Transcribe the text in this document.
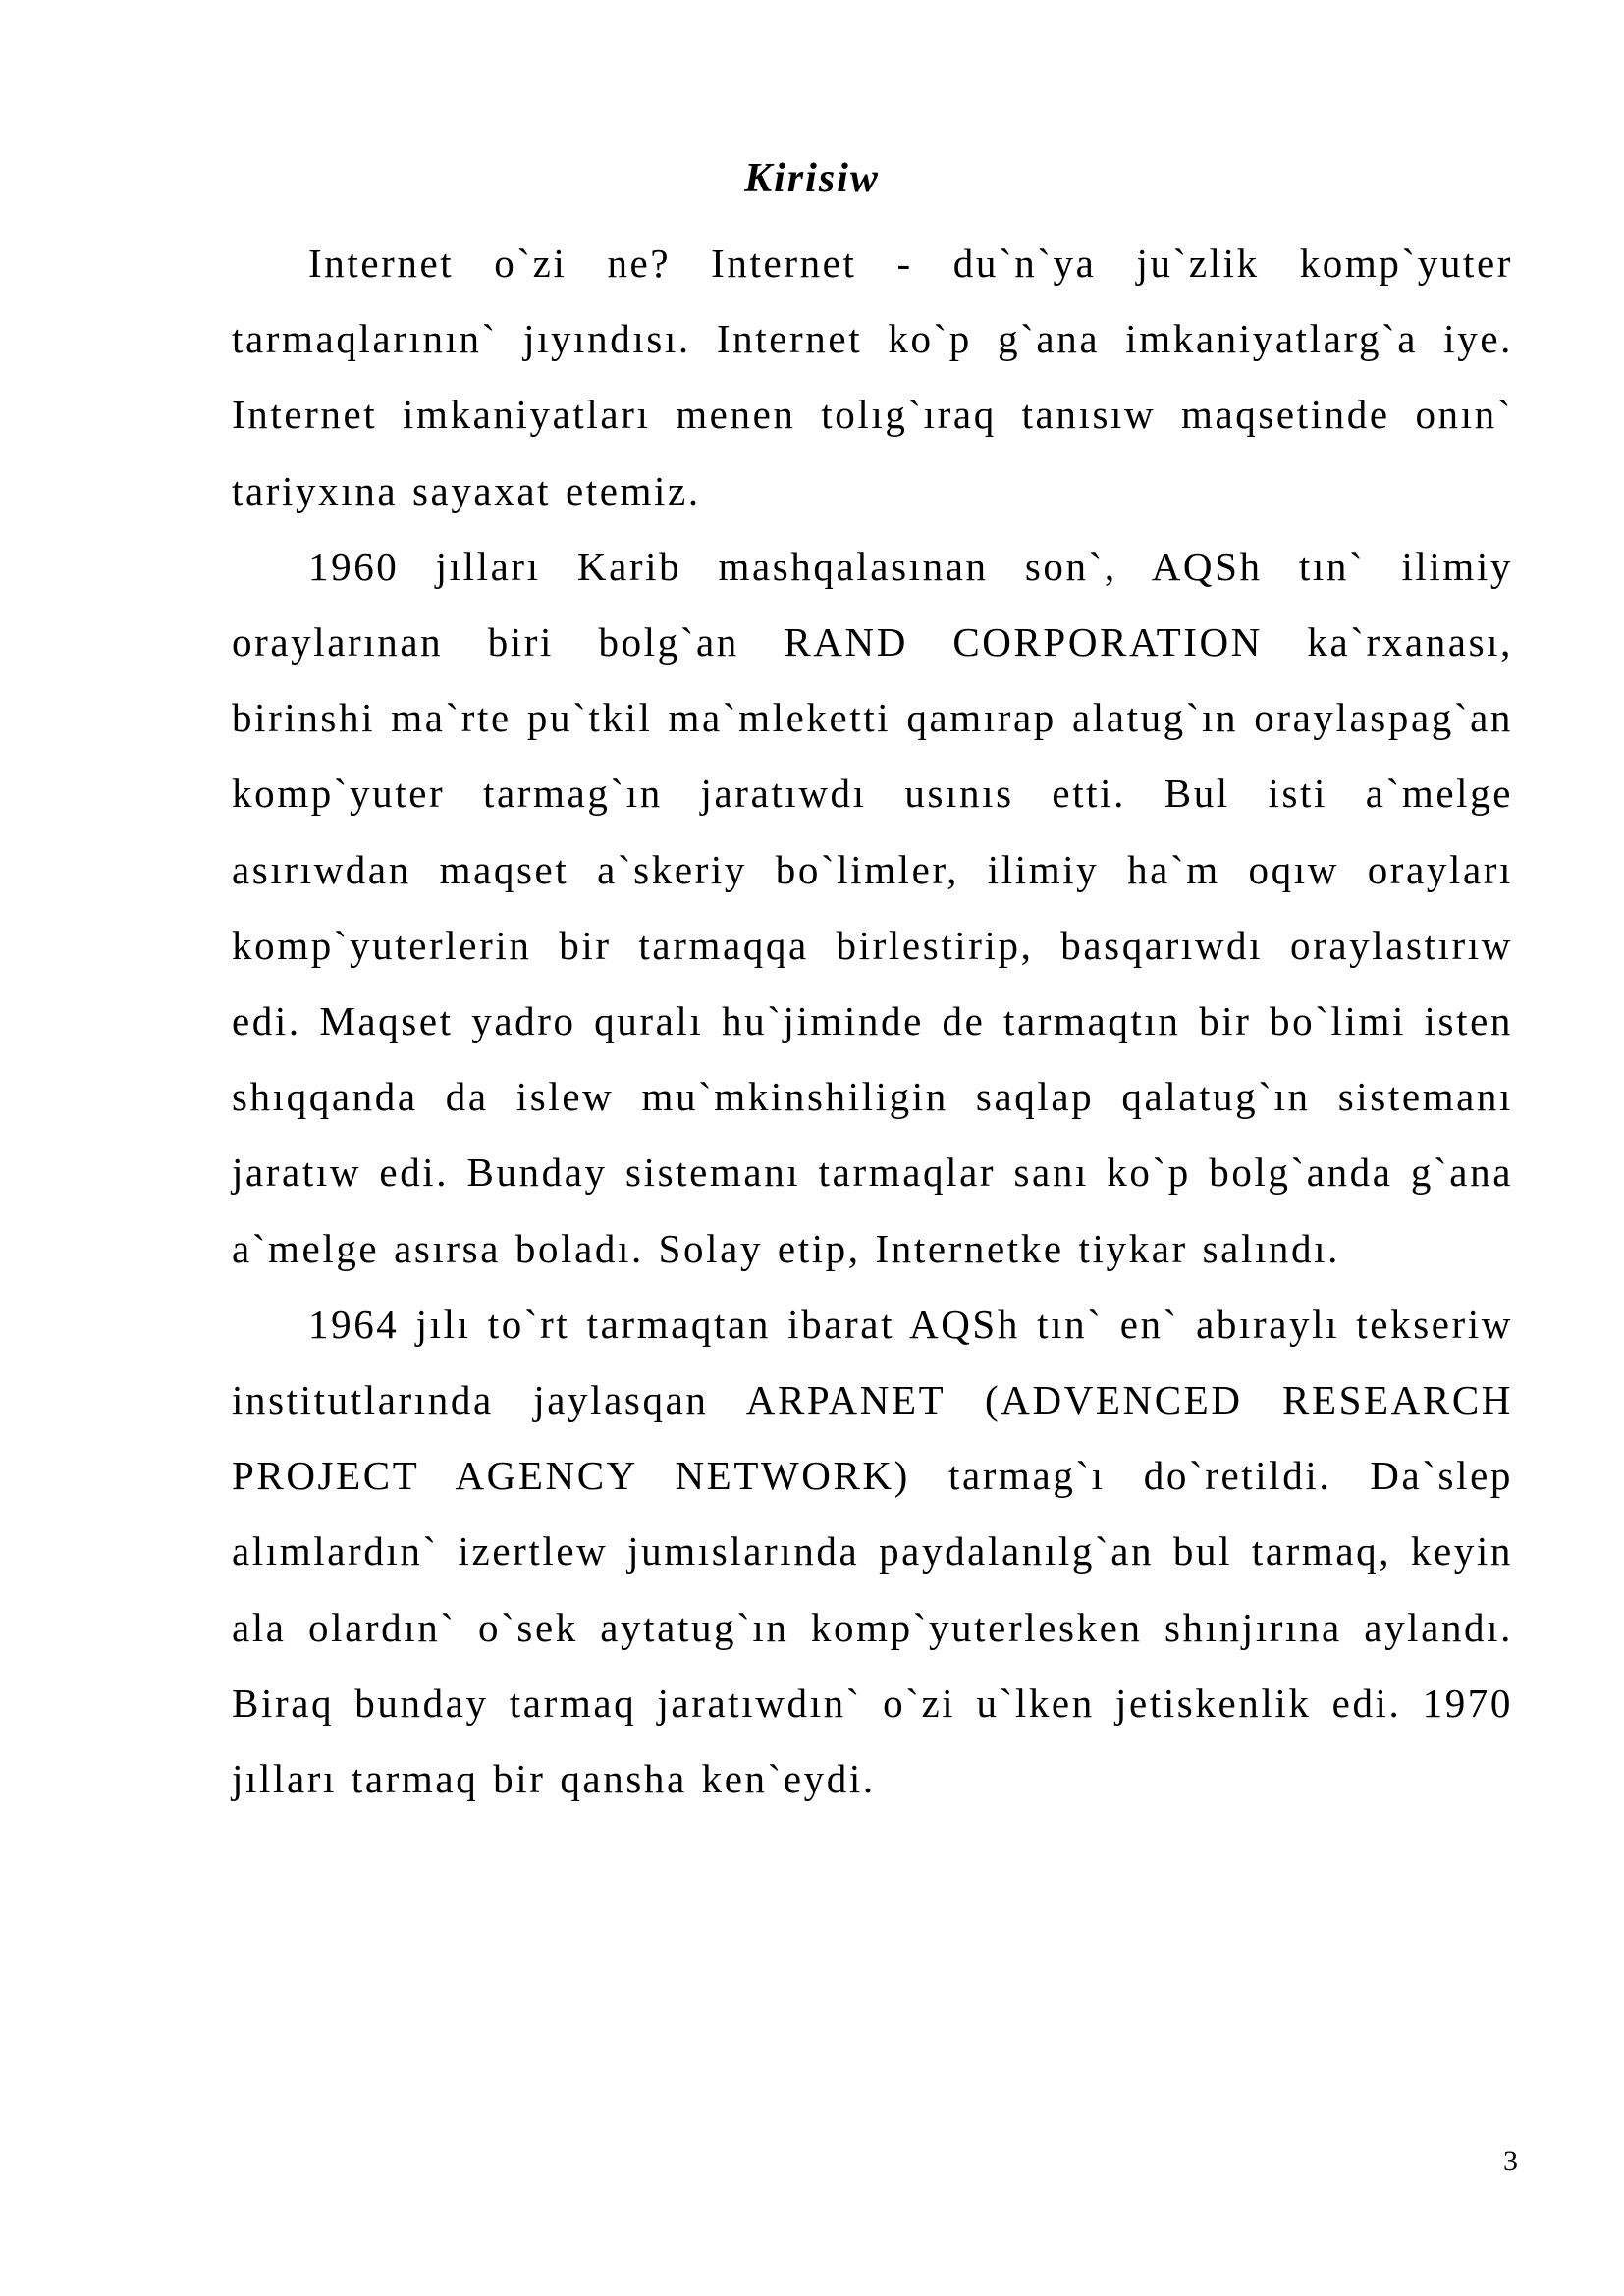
Kirisiw

Internet o`zi ne? Internet - du`n`ya ju`zlik komp`yuter tarmaqlarının` jıyındısı. Internet ko`p g`ana imkaniyatlarg`a iye. Internet imkaniyatları menen tolıg`ıraq tanısıw maqsetinde onın` tariyxına sayaxat etemiz.

1960 jılları Karib mashqalasınan son`, AQSh tın` ilimiy oraylarınan biri bolg`an RAND CORPORATION ka`rxanası, birinshi ma`rte pu`tkil ma`mleketti qamırap alatug`ın oraylaspag`an komp`yuter tarmag`ın jaratıwdı usınıs etti. Bul isti a`melge asırıwdan maqset a`skeriy bo`limler, ilimiy ha`m oqıw orayları komp`yuterlerin bir tarmaqqa birlestirip, basqarıwdı oraylastırıw edi. Maqset yadro quralı hu`jiminde de tarmaqtın bir bo`limi isten shıqqanda da islew mu`mkinshiligin saqlap qalatug`ın sistemanı jaratıw edi. Bunday sistemanı tarmaqlar sanı ko`p bolg`anda g`ana a`melge asırsa boladı. Solay etip, Internetke tiykar salındı.

1964 jılı to`rt tarmaqtan ibarat AQSh tın` en` abıraylı tekseriw institutlarında jaylasqan ARPANET (ADVENCED RESEARCH PROJECT AGENCY NETWORK) tarmag`ı do`retildi. Da`slep alımlardın` izertlew jumıslarında paydalanılg`an bul tarmaq, keyin ala olardın` o`sek aytatug`ın komp`yuterlesken shınjırına aylandı. Biraq bunday tarmaq jaratıwdın` o`zi u`lken jetiskenlik edi. 1970 jılları tarmaq bir qansha ken`eydi.

3
